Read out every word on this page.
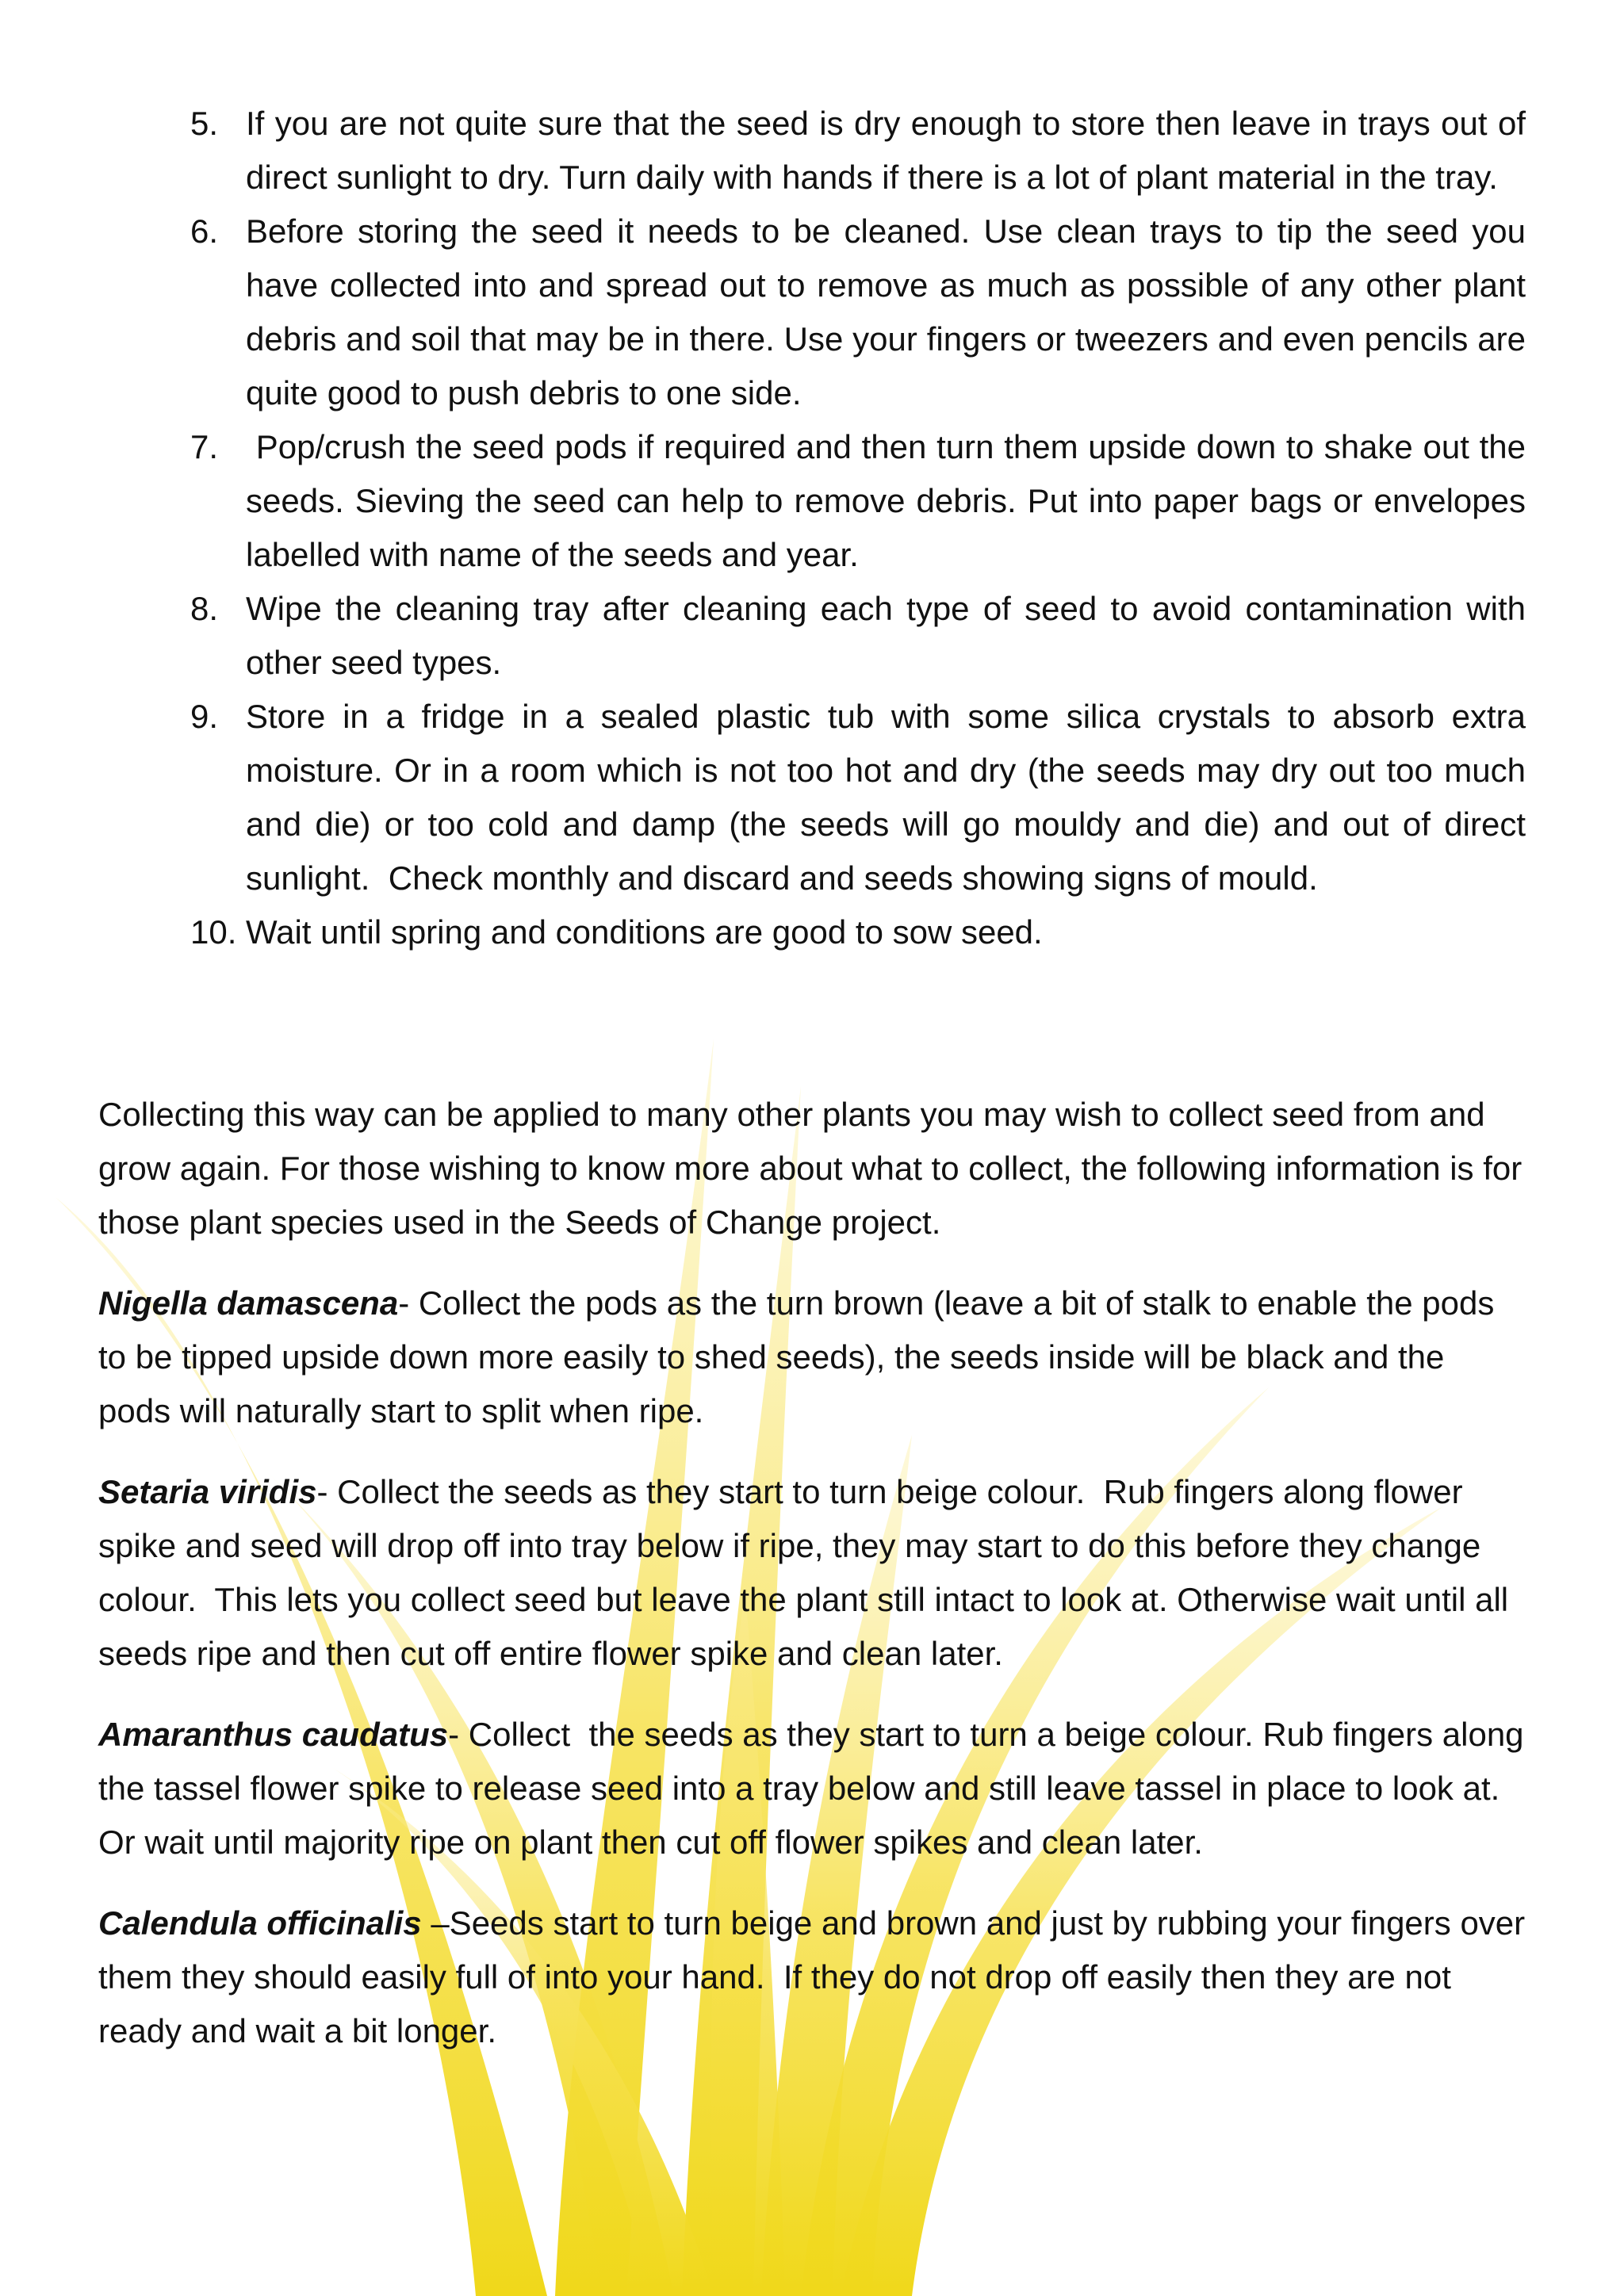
5. If you are not quite sure that the seed is dry enough to store then leave in trays out of direct sunlight to dry. Turn daily with hands if there is a lot of plant material in the tray.
6. Before storing the seed it needs to be cleaned. Use clean trays to tip the seed you have collected into and spread out to remove as much as possible of any other plant debris and soil that may be in there. Use your fingers or tweezers and even pencils are quite good to push debris to one side.
7. Pop/crush the seed pods if required and then turn them upside down to shake out the seeds. Sieving the seed can help to remove debris. Put into paper bags or envelopes labelled with name of the seeds and year.
8. Wipe the cleaning tray after cleaning each type of seed to avoid contamination with other seed types.
9. Store in a fridge in a sealed plastic tub with some silica crystals to absorb extra moisture. Or in a room which is not too hot and dry (the seeds may dry out too much and die) or too cold and damp (the seeds will go mouldy and die) and out of direct sunlight.  Check monthly and discard and seeds showing signs of mould.
10. Wait until spring and conditions are good to sow seed.

Collecting this way can be applied to many other plants you may wish to collect seed from and grow again. For those wishing to know more about what to collect, the following information is for those plant species used in the Seeds of Change project.

Nigella damascena- Collect the pods as the turn brown (leave a bit of stalk to enable the pods to be tipped upside down more easily to shed seeds), the seeds inside will be black and the pods will naturally start to split when ripe.

Setaria viridis- Collect the seeds as they start to turn beige colour.  Rub fingers along flower spike and seed will drop off into tray below if ripe, they may start to do this before they change colour.  This lets you collect seed but leave the plant still intact to look at. Otherwise wait until all seeds ripe and then cut off entire flower spike and clean later.

Amaranthus caudatus- Collect  the seeds as they start to turn a beige colour. Rub fingers along the tassel flower spike to release seed into a tray below and still leave tassel in place to look at. Or wait until majority ripe on plant then cut off flower spikes and clean later.

Calendula officinalis –Seeds start to turn beige and brown and just by rubbing your fingers over them they should easily full of into your hand.  If they do not drop off easily then they are not ready and wait a bit longer.
